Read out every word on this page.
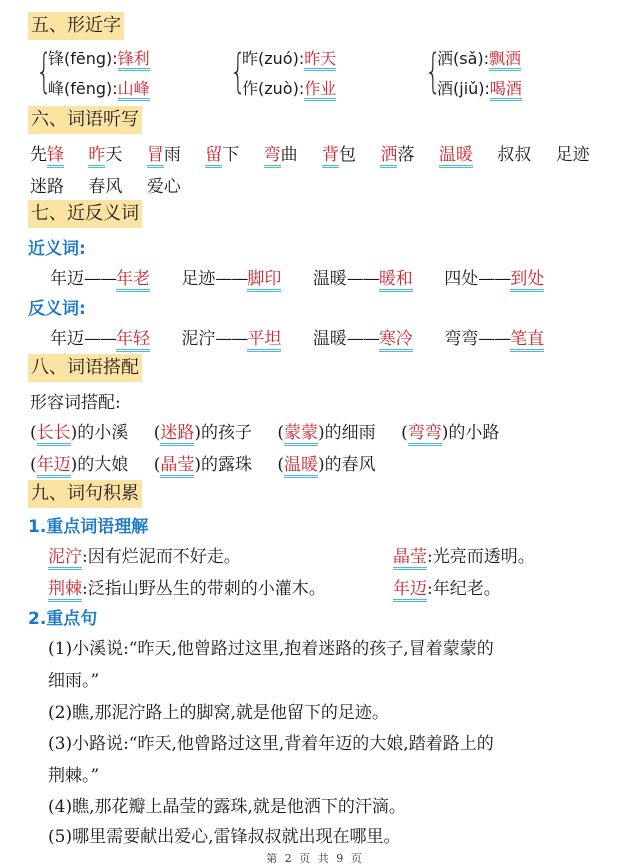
五、形近字
{
锋(fēng):锋利
峰(fēng):山峰 {
昨(zuó):昨天
作(zuò):作业 {
洒(sǎ):飘洒
酒(jiǔ):喝酒
六、词语听写
先锋 昨天 冒雨 留下 弯曲 背包 洒落 温暖 叔叔 足迹
迷路 春风 爱心
七、近反义词
近义词:
年迈——年老 足迹——脚印 温暖——暖和 四处——到处
反义词:
年迈——年轻 泥泞——平坦 温暖——寒冷 弯弯——笔直
八、词语搭配
形容词搭配:
(长长)的小溪 (迷路)的孩子 (蒙蒙)的细雨 (弯弯)的小路
(年迈)的大娘 (晶莹)的露珠 (温暖)的春风
九、词句积累
1.重点词语理解
泥泞:因有烂泥而不好走。	晶莹:光亮而透明。
荆棘:泛指山野丛生的带刺的小灌木。	年迈:年纪老。
2.重点句
(1)小溪说:“昨天,他曾路过这里,抱着迷路的孩子,冒着蒙蒙的
细雨。”
(2)瞧,那泥泞路上的脚窝,就是他留下的足迹。
(3)小路说:“昨天,他曾路过这里,背着年迈的大娘,踏着路上的
荆棘。”
(4)瞧,那花瓣上晶莹的露珠,就是他洒下的汗滴。
(5)哪里需要献出爱心,雷锋叔叔就出现在哪里。
第 2 页 共 9 页
